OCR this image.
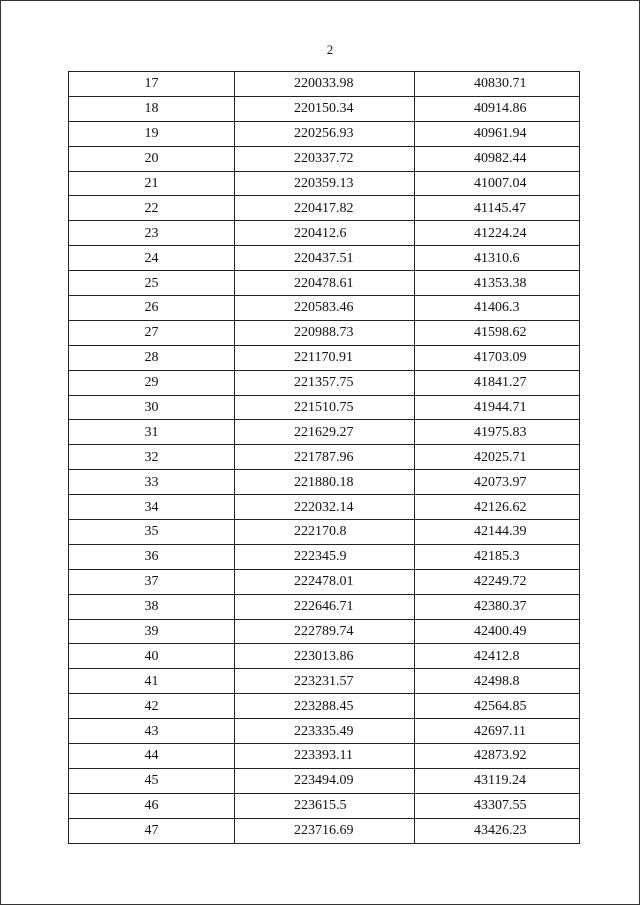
2
17	220033.98	40830.71
18	220150.34	40914.86
19	220256.93	40961.94
20	220337.72	40982.44
21	220359.13	41007.04
22	220417.82	41145.47
23	220412.6	41224.24
24	220437.51	41310.6
25	220478.61	41353.38
26	220583.46	41406.3
27	220988.73	41598.62
28	221170.91	41703.09
29	221357.75	41841.27
30	221510.75	41944.71
31	221629.27	41975.83
32	221787.96	42025.71
33	221880.18	42073.97
34	222032.14	42126.62
35	222170.8	42144.39
36	222345.9	42185.3
37	222478.01	42249.72
38	222646.71	42380.37
39	222789.74	42400.49
40	223013.86	42412.8
41	223231.57	42498.8
42	223288.45	42564.85
43	223335.49	42697.11
44	223393.11	42873.92
45	223494.09	43119.24
46	223615.5	43307.55
47	223716.69	43426.23
